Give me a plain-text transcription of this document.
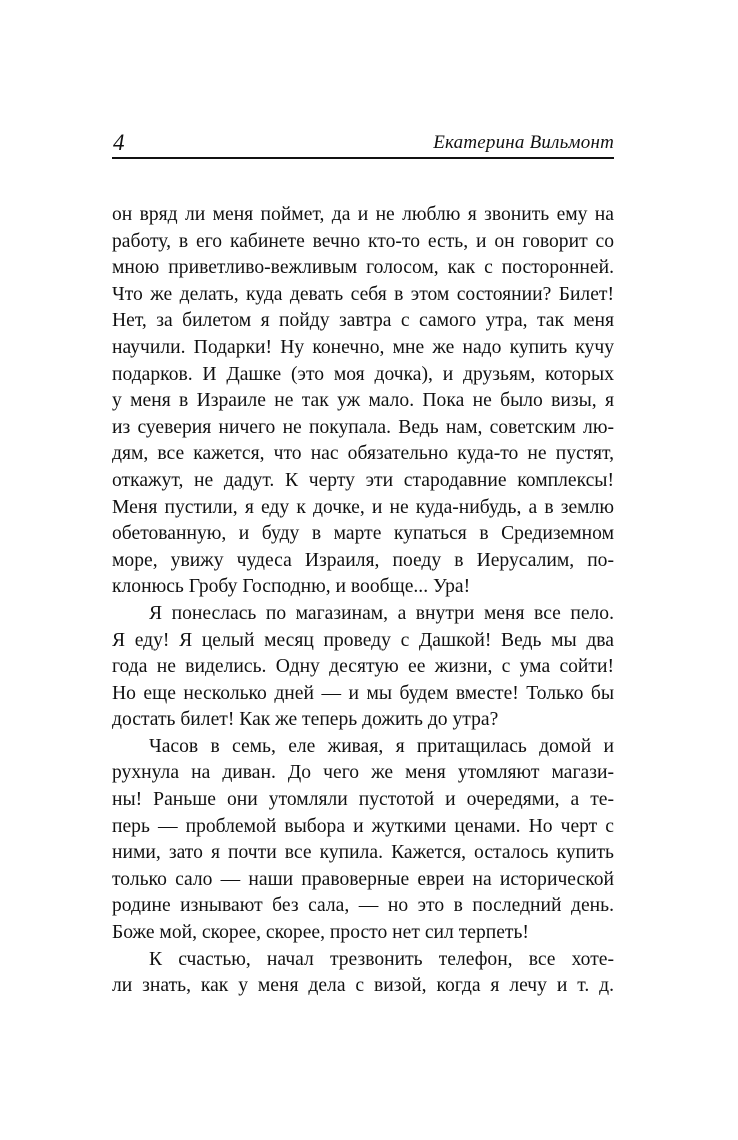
4	Екатерина Вильмонт
он вряд ли меня поймет, да и не люблю я звонить ему на
работу, в его кабинете вечно кто-то есть, и он говорит со
мною приветливо-вежливым голосом, как с посторонней.
Что же делать, куда девать себя в этом состоянии? Билет!
Нет, за билетом я пойду завтра с самого утра, так меня
научили. Подарки! Ну конечно, мне же надо купить кучу
подарков. И Дашке (это моя дочка), и друзьям, которых
у меня в Израиле не так уж мало. Пока не было визы, я
из суеверия ничего не покупала. Ведь нам, советским лю-
дям, все кажется, что нас обязательно куда-то не пустят,
откажут, не дадут. К черту эти стародавние комплексы!
Меня пустили, я еду к дочке, и не куда-нибудь, а в землю
обетованную, и буду в марте купаться в Средиземном
море, увижу чудеса Израиля, поеду в Иерусалим, по-
клонюсь Гробу Господню, и вообще... Ура!
Я понеслась по магазинам, а внутри меня все пело.
Я еду! Я целый месяц проведу с Дашкой! Ведь мы два
года не виделись. Одну десятую ее жизни, с ума сойти!
Но еще несколько дней — и мы будем вместе! Только бы
достать билет! Как же теперь дожить до утра?
Часов в семь, еле живая, я притащилась домой и
рухнула на диван. До чего же меня утомляют магази-
ны! Раньше они утомляли пустотой и очередями, а те-
перь — проблемой выбора и жуткими ценами. Но черт с
ними, зато я почти все купила. Кажется, осталось купить
только сало — наши правоверные евреи на исторической
родине изнывают без сала, — но это в последний день.
Боже мой, скорее, скорее, просто нет сил терпеть!
К счастью, начал трезвонить телефон, все хоте-
ли знать, как у меня дела с визой, когда я лечу и т. д.
